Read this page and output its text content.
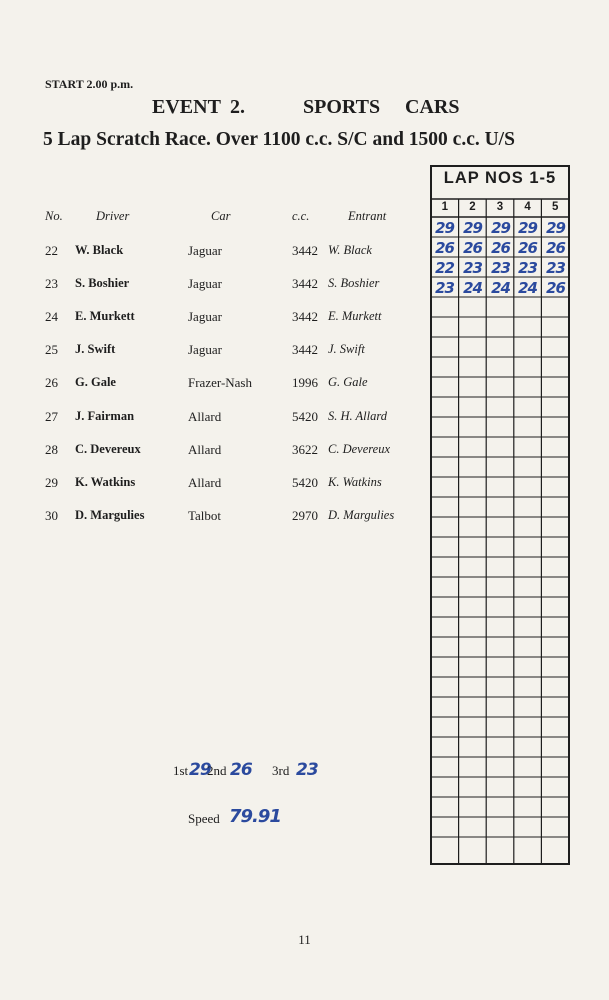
START 2.00 p.m.
EVENT 2.	SPORTS CARS
5 Lap Scratch Race. Over 1100 c.c. S/C and 1500 c.c. U/S
No.	Driver	Car	c.c.	Entrant
22 W. Black	Jaguar	3442 W. Black
23 S. Boshier	Jaguar	3442 S. Boshier
24 E. Murkett	Jaguar	3442 E. Murkett
25 J. Swift	Jaguar	3442 J. Swift
26 G. Gale	Frazer-Nash	1996 G. Gale
27 J. Fairman	Allard	5420 S. H. Allard
28 C. Devereux	Allard	3622 C. Devereux
29 K. Watkins	Allard	5420 K. Watkins
30 D. Margulies	Talbot	2970 D. Margulies
LAP NOS 1-5
1	2	3	4	5
29 29 29 29 29
26 26 26 26 26
22 23 23 23 23
23 24 24 24 26
1st 29
2nd 26 3rd 23
Speed 79.91
11
